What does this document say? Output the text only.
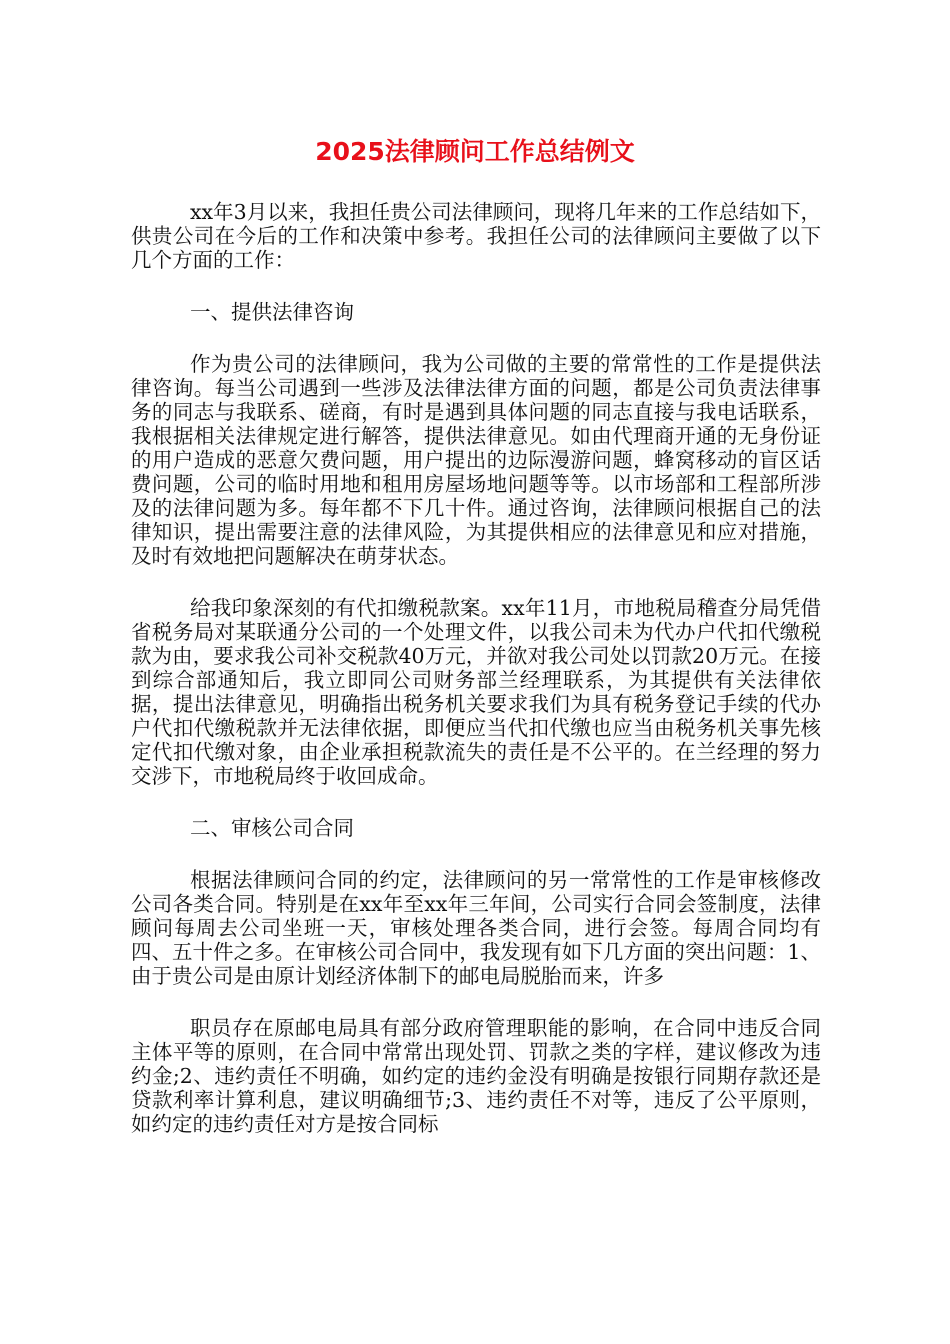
2025法律顾问工作总结例文

xx年3月以来，我担任贵公司法律顾问，现将几年来的工作总结如下，供贵公司在今后的工作和决策中参考。我担任公司的法律顾问主要做了以下几个方面的工作：

一、提供法律咨询

作为贵公司的法律顾问，我为公司做的主要的常常性的工作是提供法律咨询。每当公司遇到一些涉及法律法律方面的问题，都是公司负责法律事务的同志与我联系、磋商，有时是遇到具体问题的同志直接与我电话联系，我根据相关法律规定进行解答，提供法律意见。如由代理商开通的无身份证的用户造成的恶意欠费问题，用户提出的边际漫游问题，蜂窝移动的盲区话费问题，公司的临时用地和租用房屋场地问题等等。以市场部和工程部所涉及的法律问题为多。每年都不下几十件。通过咨询，法律顾问根据自己的法律知识，提出需要注意的法律风险，为其提供相应的法律意见和应对措施，及时有效地把问题解决在萌芽状态。

给我印象深刻的有代扣缴税款案。xx年11月，市地税局稽查分局凭借省税务局对某联通分公司的一个处理文件，以我公司未为代办户代扣代缴税款为由，要求我公司补交税款40万元，并欲对我公司处以罚款20万元。在接到综合部通知后，我立即同公司财务部兰经理联系，为其提供有关法律依据，提出法律意见，明确指出税务机关要求我们为具有税务登记手续的代办户代扣代缴税款并无法律依据，即便应当代扣代缴也应当由税务机关事先核定代扣代缴对象，由企业承担税款流失的责任是不公平的。在兰经理的努力交涉下，市地税局终于收回成命。

二、审核公司合同

根据法律顾问合同的约定，法律顾问的另一常常性的工作是审核修改公司各类合同。特别是在xx年至xx年三年间，公司实行合同会签制度，法律顾问每周去公司坐班一天，审核处理各类合同，进行会签。每周合同均有四、五十件之多。在审核公司合同中，我发现有如下几方面的突出问题：1、由于贵公司是由原计划经济体制下的邮电局脱胎而来，许多

职员存在原邮电局具有部分政府管理职能的影响，在合同中违反合同主体平等的原则，在合同中常常出现处罚、罚款之类的字样，建议修改为违约金;2、违约责任不明确，如约定的违约金没有明确是按银行同期存款还是贷款利率计算利息，建议明确细节;3、违约责任不对等，违反了公平原则，如约定的违约责任对方是按合同标
